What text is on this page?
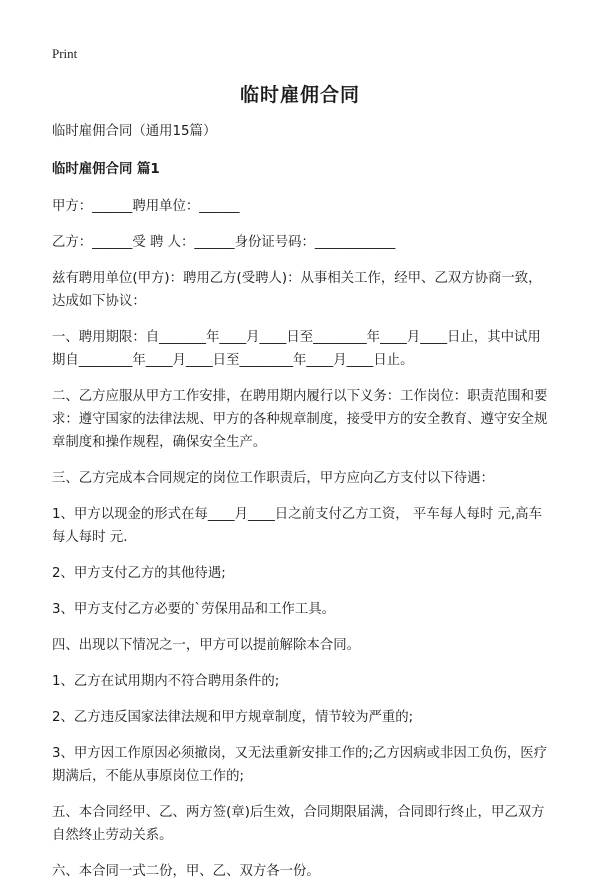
Print
临时雇佣合同

临时雇佣合同（通用15篇）

临时雇佣合同 篇1

甲方：______聘用单位：______

乙方：______受 聘 人：______身份证号码：____________

兹有聘用单位(甲方)：聘用乙方(受聘人)：从事相关工作，经甲、乙双方协商一致，达成如下协议：

一、聘用期限：自_______年____月____日至________年____月____日止，其中试用期自________年____月____日至________年____月____日止。

二、乙方应服从甲方工作安排，在聘用期内履行以下义务：工作岗位：职责范围和要求：遵守国家的法律法规、甲方的各种规章制度，接受甲方的安全教育、遵守安全规章制度和操作规程，确保安全生产。

三、乙方完成本合同规定的岗位工作职责后，甲方应向乙方支付以下待遇：

1、甲方以现金的形式在每____月____日之前支付乙方工资， 平车每人每时 元,高车每人每时 元.

2、甲方支付乙方的其他待遇;

3、甲方支付乙方必要的`劳保用品和工作工具。

四、出现以下情况之一，甲方可以提前解除本合同。

1、乙方在试用期内不符合聘用条件的;

2、乙方违反国家法律法规和甲方规章制度，情节较为严重的;

3、甲方因工作原因必须撤岗，又无法重新安排工作的;乙方因病或非因工负伤，医疗期满后，不能从事原岗位工作的;

五、本合同经甲、乙、两方签(章)后生效，合同期限届满，合同即行终止，甲乙双方自然终止劳动关系。

六、本合同一式二份，甲、乙、双方各一份。
